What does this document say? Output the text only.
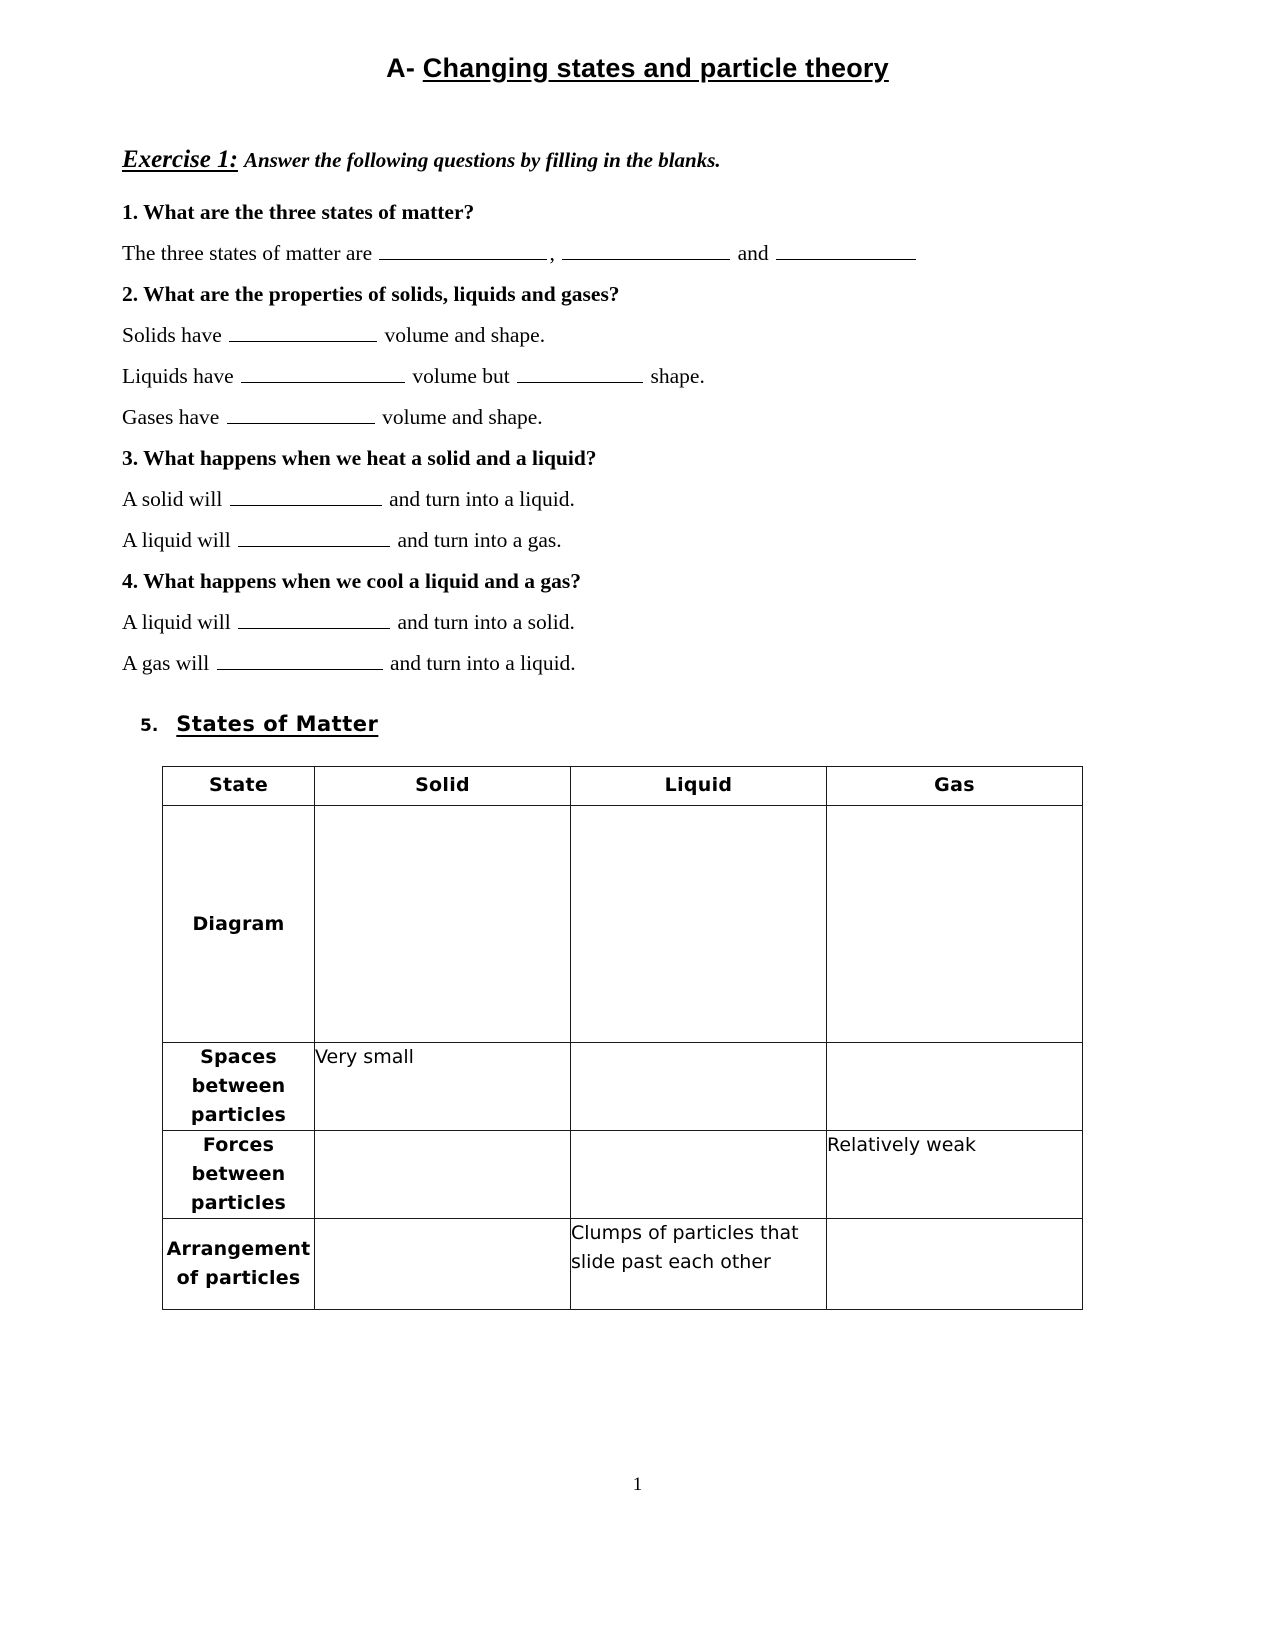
A- Changing states and particle theory
Exercise 1: Answer the following questions by filling in the blanks.
1. What are the three states of matter?
The three states of matter are	,	and
2. What are the properties of solids, liquids and gases?
Solids have	volume and shape.
Liquids have	volume but	shape.
Gases have	volume and shape.
3. What happens when we heat a solid and a liquid?
A solid will	and turn into a liquid.
A liquid will	and turn into a gas.
4. What happens when we cool a liquid and a gas?
A liquid will	and turn into a solid.
A gas will	and turn into a liquid.
5. States of Matter
State	Solid	Liquid	Gas
Diagram			
Spaces between particles	Very small		
Forces between particles			Relatively weak
Arrangement of particles		Clumps of particles that slide past each other	
1
